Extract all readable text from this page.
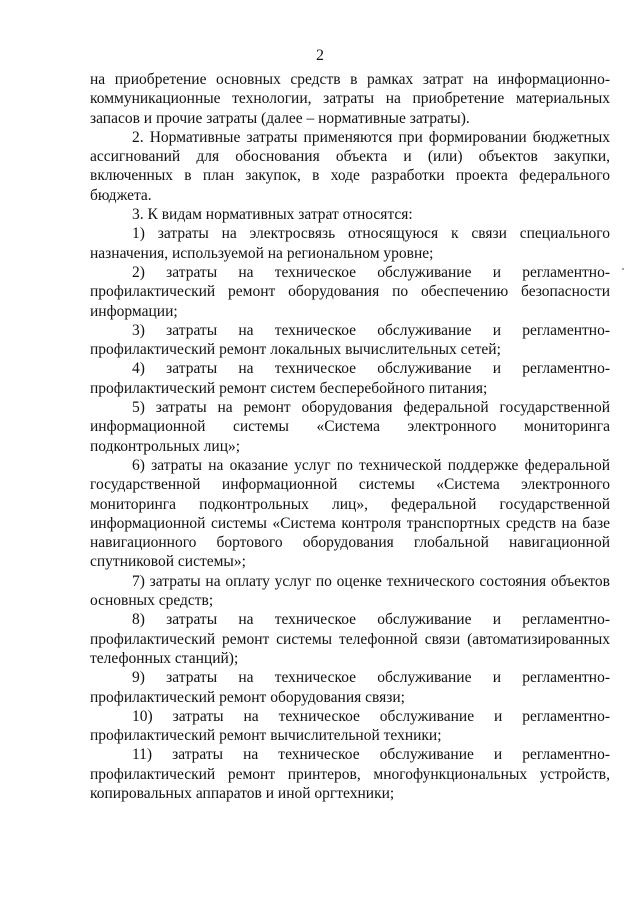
2

на приобретение основных средств в рамках затрат на информационно-коммуникационные технологии, затраты на приобретение материальных запасов и прочие затраты (далее – нормативные затраты).

2. Нормативные затраты применяются при формировании бюджетных ассигнований для обоснования объекта и (или) объектов закупки, включенных в план закупок, в ходе разработки проекта федерального бюджета.

3. К видам нормативных затрат относятся:

1) затраты на электросвязь относящуюся к связи специального назначения, используемой на региональном уровне;

2) затраты на техническое обслуживание и регламентно-профилактический ремонт оборудования по обеспечению безопасности информации;

3) затраты на техническое обслуживание и регламентно-профилактический ремонт локальных вычислительных сетей;

4) затраты на техническое обслуживание и регламентно-профилактический ремонт систем бесперебойного питания;

5) затраты на ремонт оборудования федеральной государственной информационной системы «Система электронного мониторинга подконтрольных лиц»;

6) затраты на оказание услуг по технической поддержке федеральной государственной информационной системы «Система электронного мониторинга подконтрольных лиц», федеральной государственной информационной системы «Система контроля транспортных средств на базе навигационного бортового оборудования глобальной навигационной спутниковой системы»;

7) затраты на оплату услуг по оценке технического состояния объектов основных средств;

8) затраты на техническое обслуживание и регламентно-профилактический ремонт системы телефонной связи (автоматизированных телефонных станций);

9) затраты на техническое обслуживание и регламентно-профилактический ремонт оборудования связи;

10) затраты на техническое обслуживание и регламентно-профилактический ремонт вычислительной техники;

11) затраты на техническое обслуживание и регламентно-профилактический ремонт принтеров, многофункциональных устройств, копировальных аппаратов и иной оргтехники;
